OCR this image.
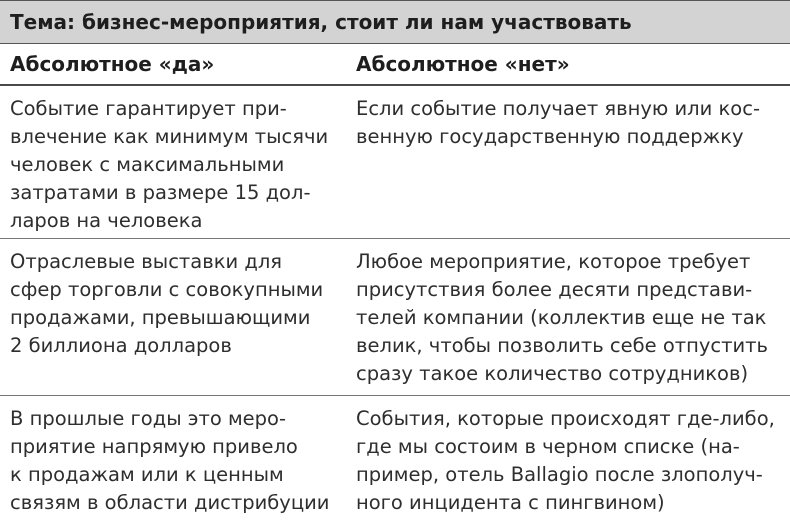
Тема: бизнес-мероприятия, стоит ли нам участвовать
Абсолютное «да»	Абсолютное «нет»
Событие гарантирует при-
влечение как минимум тысячи
человек с максимальными
затратами в размере 15 дол-
ларов на человека
Если событие получает явную или кос-
венную государственную поддержку
Отраслевые выставки для
сфер торговли с совокупными
продажами, превышающими
2 биллиона долларов
Любое мероприятие, которое требует
присутствия более десяти представи-
телей компании (коллектив еще не так
велик, чтобы позволить себе отпустить
сразу такое количество сотрудников)
В прошлые годы это меро-
приятие напрямую привело
к продажам или к ценным
связям в области дистрибуции
События, которые происходят где-либо,
где мы состоим в черном списке (на-
пример, отель Ballagio после злополуч-
ного инцидента с пингвином)
